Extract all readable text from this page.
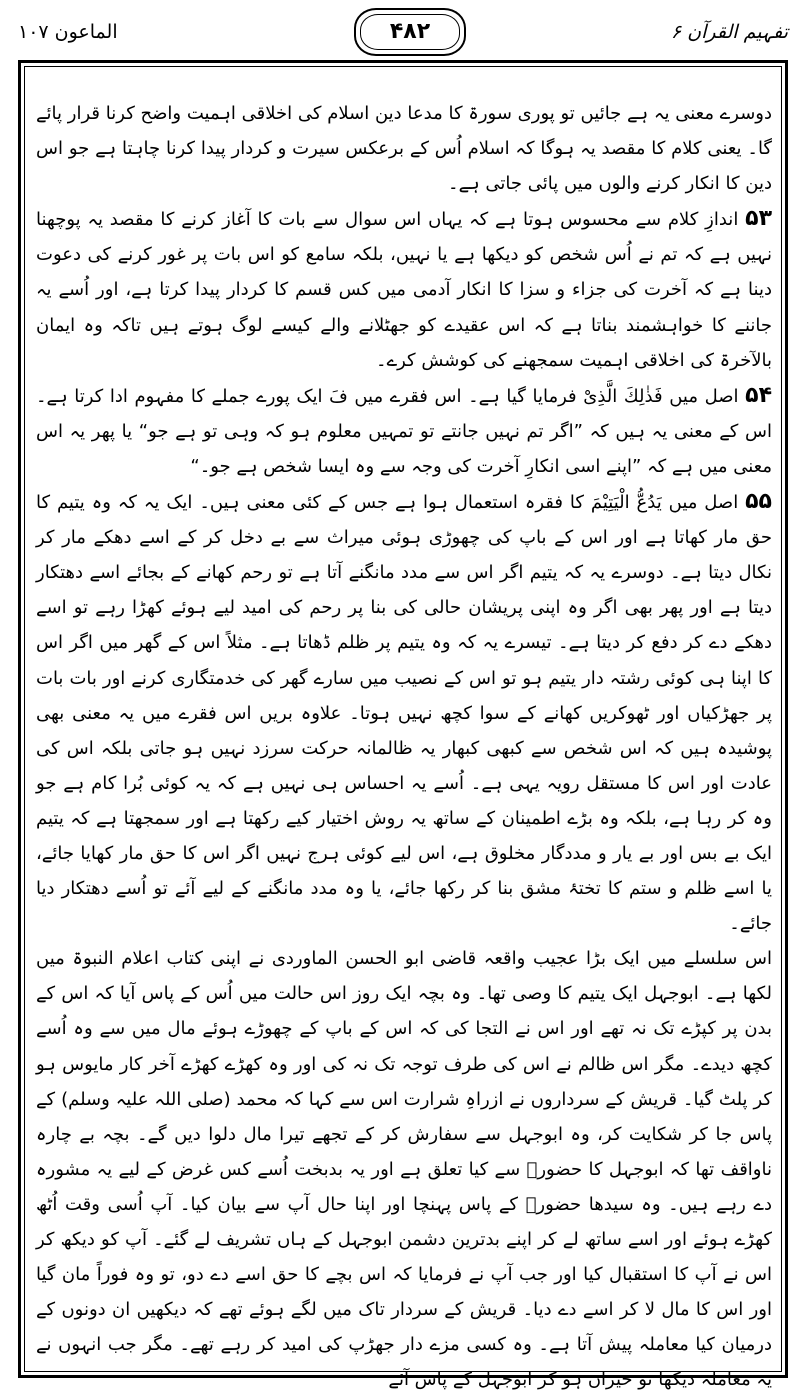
الماعون ۱۰۷	۴۸۲	تفہیم القرآن ۶

دوسرے معنی یہ ہے جائیں تو پوری سورۃ کا مدعا دین اسلام کی اخلاقی اہمیت واضح کرنا قرار پائے گا۔ یعنی کلام کا مقصد یہ ہوگا کہ اسلام اُس کے برعکس سیرت و کردار پیدا کرنا چاہتا ہے جو اس دین کا انکار کرنے والوں میں پائی جاتی ہے۔

۵۳ اندازِ کلام سے محسوس ہوتا ہے کہ یہاں اس سوال سے بات کا آغاز کرنے کا مقصد یہ پوچھنا نہیں ہے کہ تم نے اُس شخص کو دیکھا ہے یا نہیں، بلکہ سامع کو اس بات پر غور کرنے کی دعوت دینا ہے کہ آخرت کی جزاء و سزا کا انکار آدمی میں کس قسم کا کردار پیدا کرتا ہے، اور اُسے یہ جاننے کا خواہشمند بناتا ہے کہ اس عقیدے کو جھٹلانے والے کیسے لوگ ہوتے ہیں تاکہ وہ ایمان بالآخرۃ کی اخلاقی اہمیت سمجھنے کی کوشش کرے۔

۵۴ اصل میں فَذٰلِكَ الَّذِیْ فرمایا گیا ہے۔ اس فقرے میں فَ ایک پورے جملے کا مفہوم ادا کرتا ہے۔ اس کے معنی یہ ہیں کہ ”اگر تم نہیں جانتے تو تمہیں معلوم ہو کہ وہی تو ہے جو“ یا پھر یہ اس معنی میں ہے کہ ”اپنے اسی انکارِ آخرت کی وجہ سے وہ ایسا شخص ہے جو۔“

۵۵ اصل میں یَدُعُّ الْیَتِیْمَ کا فقرہ استعمال ہوا ہے جس کے کئی معنی ہیں۔ ایک یہ کہ وہ یتیم کا حق مار کھاتا ہے اور اس کے باپ کی چھوڑی ہوئی میراث سے بے دخل کر کے اسے دھکے مار کر نکال دیتا ہے۔ دوسرے یہ کہ یتیم اگر اس سے مدد مانگنے آتا ہے تو رحم کھانے کے بجائے اسے دھتکار دیتا ہے اور پھر بھی اگر وہ اپنی پریشان حالی کی بنا پر رحم کی امید لیے ہوئے کھڑا رہے تو اسے دھکے دے کر دفع کر دیتا ہے۔ تیسرے یہ کہ وہ یتیم پر ظلم ڈھاتا ہے۔ مثلاً اس کے گھر میں اگر اس کا اپنا ہی کوئی رشتہ دار یتیم ہو تو اس کے نصیب میں سارے گھر کی خدمتگاری کرنے اور بات بات پر جھڑکیاں اور ٹھوکریں کھانے کے سوا کچھ نہیں ہوتا۔ علاوہ بریں اس فقرے میں یہ معنی بھی پوشیدہ ہیں کہ اس شخص سے کبھی کبھار یہ ظالمانہ حرکت سرزد نہیں ہو جاتی بلکہ اس کی عادت اور اس کا مستقل رویہ یہی ہے۔ اُسے یہ احساس ہی نہیں ہے کہ یہ کوئی بُرا کام ہے جو وہ کر رہا ہے، بلکہ وہ بڑے اطمینان کے ساتھ یہ روش اختیار کیے رکھتا ہے اور سمجھتا ہے کہ یتیم ایک بے بس اور بے یار و مددگار مخلوق ہے، اس لیے کوئی ہرج نہیں اگر اس کا حق مار کھایا جائے، یا اسے ظلم و ستم کا تختۂ مشق بنا کر رکھا جائے، یا وہ مدد مانگنے کے لیے آئے تو اُسے دھتکار دیا جائے۔

اس سلسلے میں ایک بڑا عجیب واقعہ قاضی ابو الحسن الماوردی نے اپنی کتاب اعلام النبوۃ میں لکھا ہے۔ ابوجہل ایک یتیم کا وصی تھا۔ وہ بچہ ایک روز اس حالت میں اُس کے پاس آیا کہ اس کے بدن پر کپڑے تک نہ تھے اور اس نے التجا کی کہ اس کے باپ کے چھوڑے ہوئے مال میں سے وہ اُسے کچھ دیدے۔ مگر اس ظالم نے اس کی طرف توجہ تک نہ کی اور وہ کھڑے کھڑے آخر کار مایوس ہو کر پلٹ گیا۔ قریش کے سرداروں نے ازراہِ شرارت اس سے کہا کہ محمد (صلی اللہ علیہ وسلم) کے پاس جا کر شکایت کر، وہ ابوجہل سے سفارش کر کے تجھے تیرا مال دلوا دیں گے۔ بچہ بے چارہ ناواقف تھا کہ ابوجہل کا حضورؐ سے کیا تعلق ہے اور یہ بدبخت اُسے کس غرض کے لیے یہ مشورہ دے رہے ہیں۔ وہ سیدھا حضورؐ کے پاس پہنچا اور اپنا حال آپ سے بیان کیا۔ آپ اُسی وقت اُٹھ کھڑے ہوئے اور اسے ساتھ لے کر اپنے بدترین دشمن ابوجہل کے ہاں تشریف لے گئے۔ آپ کو دیکھ کر اس نے آپ کا استقبال کیا اور جب آپ نے فرمایا کہ اس بچے کا حق اسے دے دو، تو وہ فوراً مان گیا اور اس کا مال لا کر اسے دے دیا۔ قریش کے سردار تاک میں لگے ہوئے تھے کہ دیکھیں ان دونوں کے درمیان کیا معاملہ پیش آتا ہے۔ وہ کسی مزے دار جھڑپ کی امید کر رہے تھے۔ مگر جب انہوں نے یہ معاملہ دیکھا تو حیران ہو کر ابوجہل کے پاس آئے
